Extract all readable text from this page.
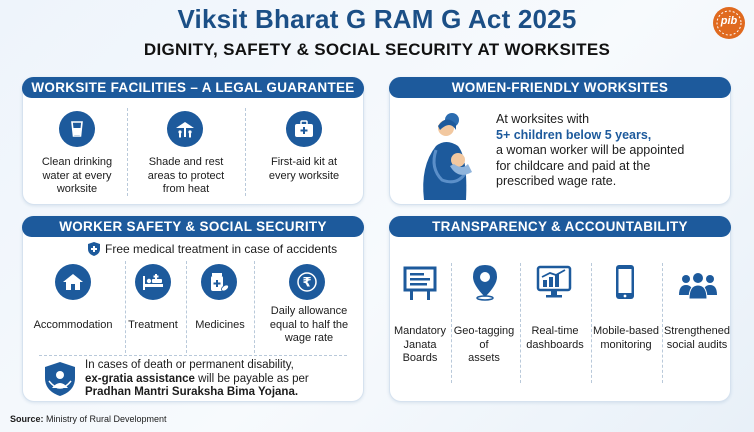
Viksit Bharat G RAM G Act 2025
DIGNITY, SAFETY & SOCIAL SECURITY AT WORKSITES
pib
WORKSITE FACILITIES – A LEGAL GUARANTEE
Clean drinking
water at every
worksite
Shade and rest
areas to protect
from heat
First-aid kit at
every worksite
WOMEN-FRIENDLY WORKSITES
At worksites with
5+ children below 5 years,
a woman worker will be appointed
for childcare and paid at the
prescribed wage rate.
WORKER SAFETY & SOCIAL SECURITY
Free medical treatment in case of accidents
Accommodation	Treatment	Medicines
₹
Daily allowance
equal to half the
wage rate
In cases of death or permanent disability,
ex-gratia assistance will be payable as per
Pradhan Mantri Suraksha Bima Yojana.
TRANSPARENCY & ACCOUNTABILITY
Mandatory
Janata
Boards
Geo-tagging of
assets
Real-time
dashboards
Mobile-based
monitoring
Strengthened
social audits
Source: Ministry of Rural Development
